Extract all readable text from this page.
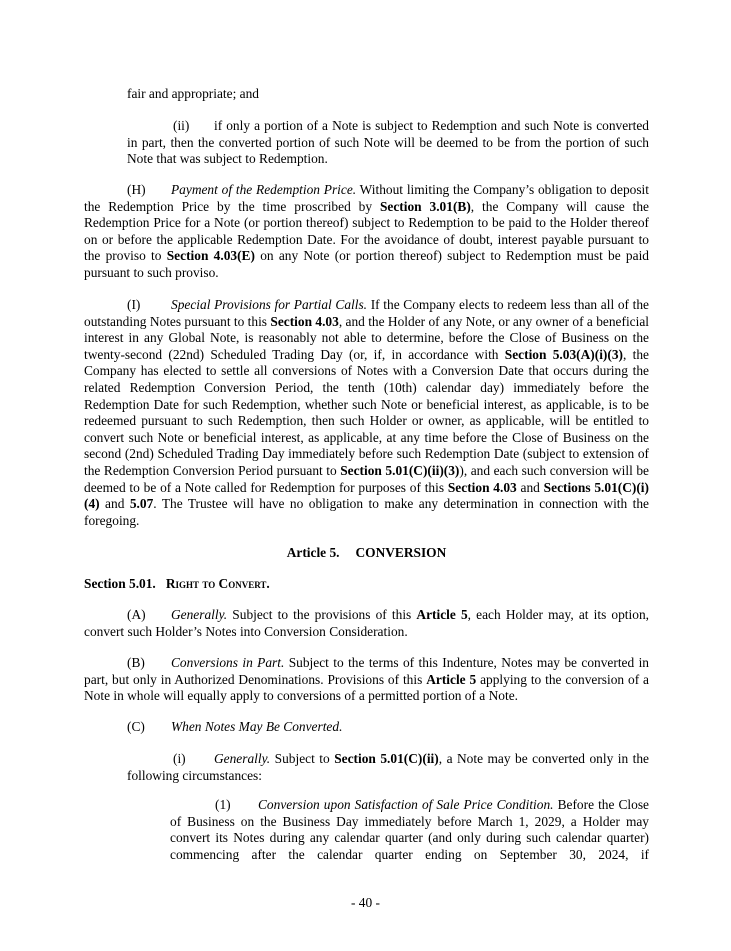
fair and appropriate; and
(ii) if only a portion of a Note is subject to Redemption and such Note is converted in part, then the converted portion of such Note will be deemed to be from the portion of such Note that was subject to Redemption.
(H) Payment of the Redemption Price. Without limiting the Company’s obligation to deposit the Redemption Price by the time proscribed by Section 3.01(B), the Company will cause the Redemption Price for a Note (or portion thereof) subject to Redemption to be paid to the Holder thereof on or before the applicable Redemption Date. For the avoidance of doubt, interest payable pursuant to the proviso to Section 4.03(E) on any Note (or portion thereof) subject to Redemption must be paid pursuant to such proviso.
(I) Special Provisions for Partial Calls. If the Company elects to redeem less than all of the outstanding Notes pursuant to this Section 4.03, and the Holder of any Note, or any owner of a beneficial interest in any Global Note, is reasonably not able to determine, before the Close of Business on the twenty-second (22nd) Scheduled Trading Day (or, if, in accordance with Section 5.03(A)(i)(3), the Company has elected to settle all conversions of Notes with a Conversion Date that occurs during the related Redemption Conversion Period, the tenth (10th) calendar day) immediately before the Redemption Date for such Redemption, whether such Note or beneficial interest, as applicable, is to be redeemed pursuant to such Redemption, then such Holder or owner, as applicable, will be entitled to convert such Note or beneficial interest, as applicable, at any time before the Close of Business on the second (2nd) Scheduled Trading Day immediately before such Redemption Date (subject to extension of the Redemption Conversion Period pursuant to Section 5.01(C)(ii)(3)), and each such conversion will be deemed to be of a Note called for Redemption for purposes of this Section 4.03 and Sections 5.01(C)(i)(4) and 5.07. The Trustee will have no obligation to make any determination in connection with the foregoing.
Article 5. CONVERSION
Section 5.01. Right to Convert.
(A) Generally. Subject to the provisions of this Article 5, each Holder may, at its option, convert such Holder’s Notes into Conversion Consideration.
(B) Conversions in Part. Subject to the terms of this Indenture, Notes may be converted in part, but only in Authorized Denominations. Provisions of this Article 5 applying to the conversion of a Note in whole will equally apply to conversions of a permitted portion of a Note.
(C) When Notes May Be Converted.
(i) Generally. Subject to Section 5.01(C)(ii), a Note may be converted only in the following circumstances:
(1) Conversion upon Satisfaction of Sale Price Condition. Before the Close of Business on the Business Day immediately before March 1, 2029, a Holder may convert its Notes during any calendar quarter (and only during such calendar quarter) commencing after the calendar quarter ending on September 30, 2024, if
- 40 -
